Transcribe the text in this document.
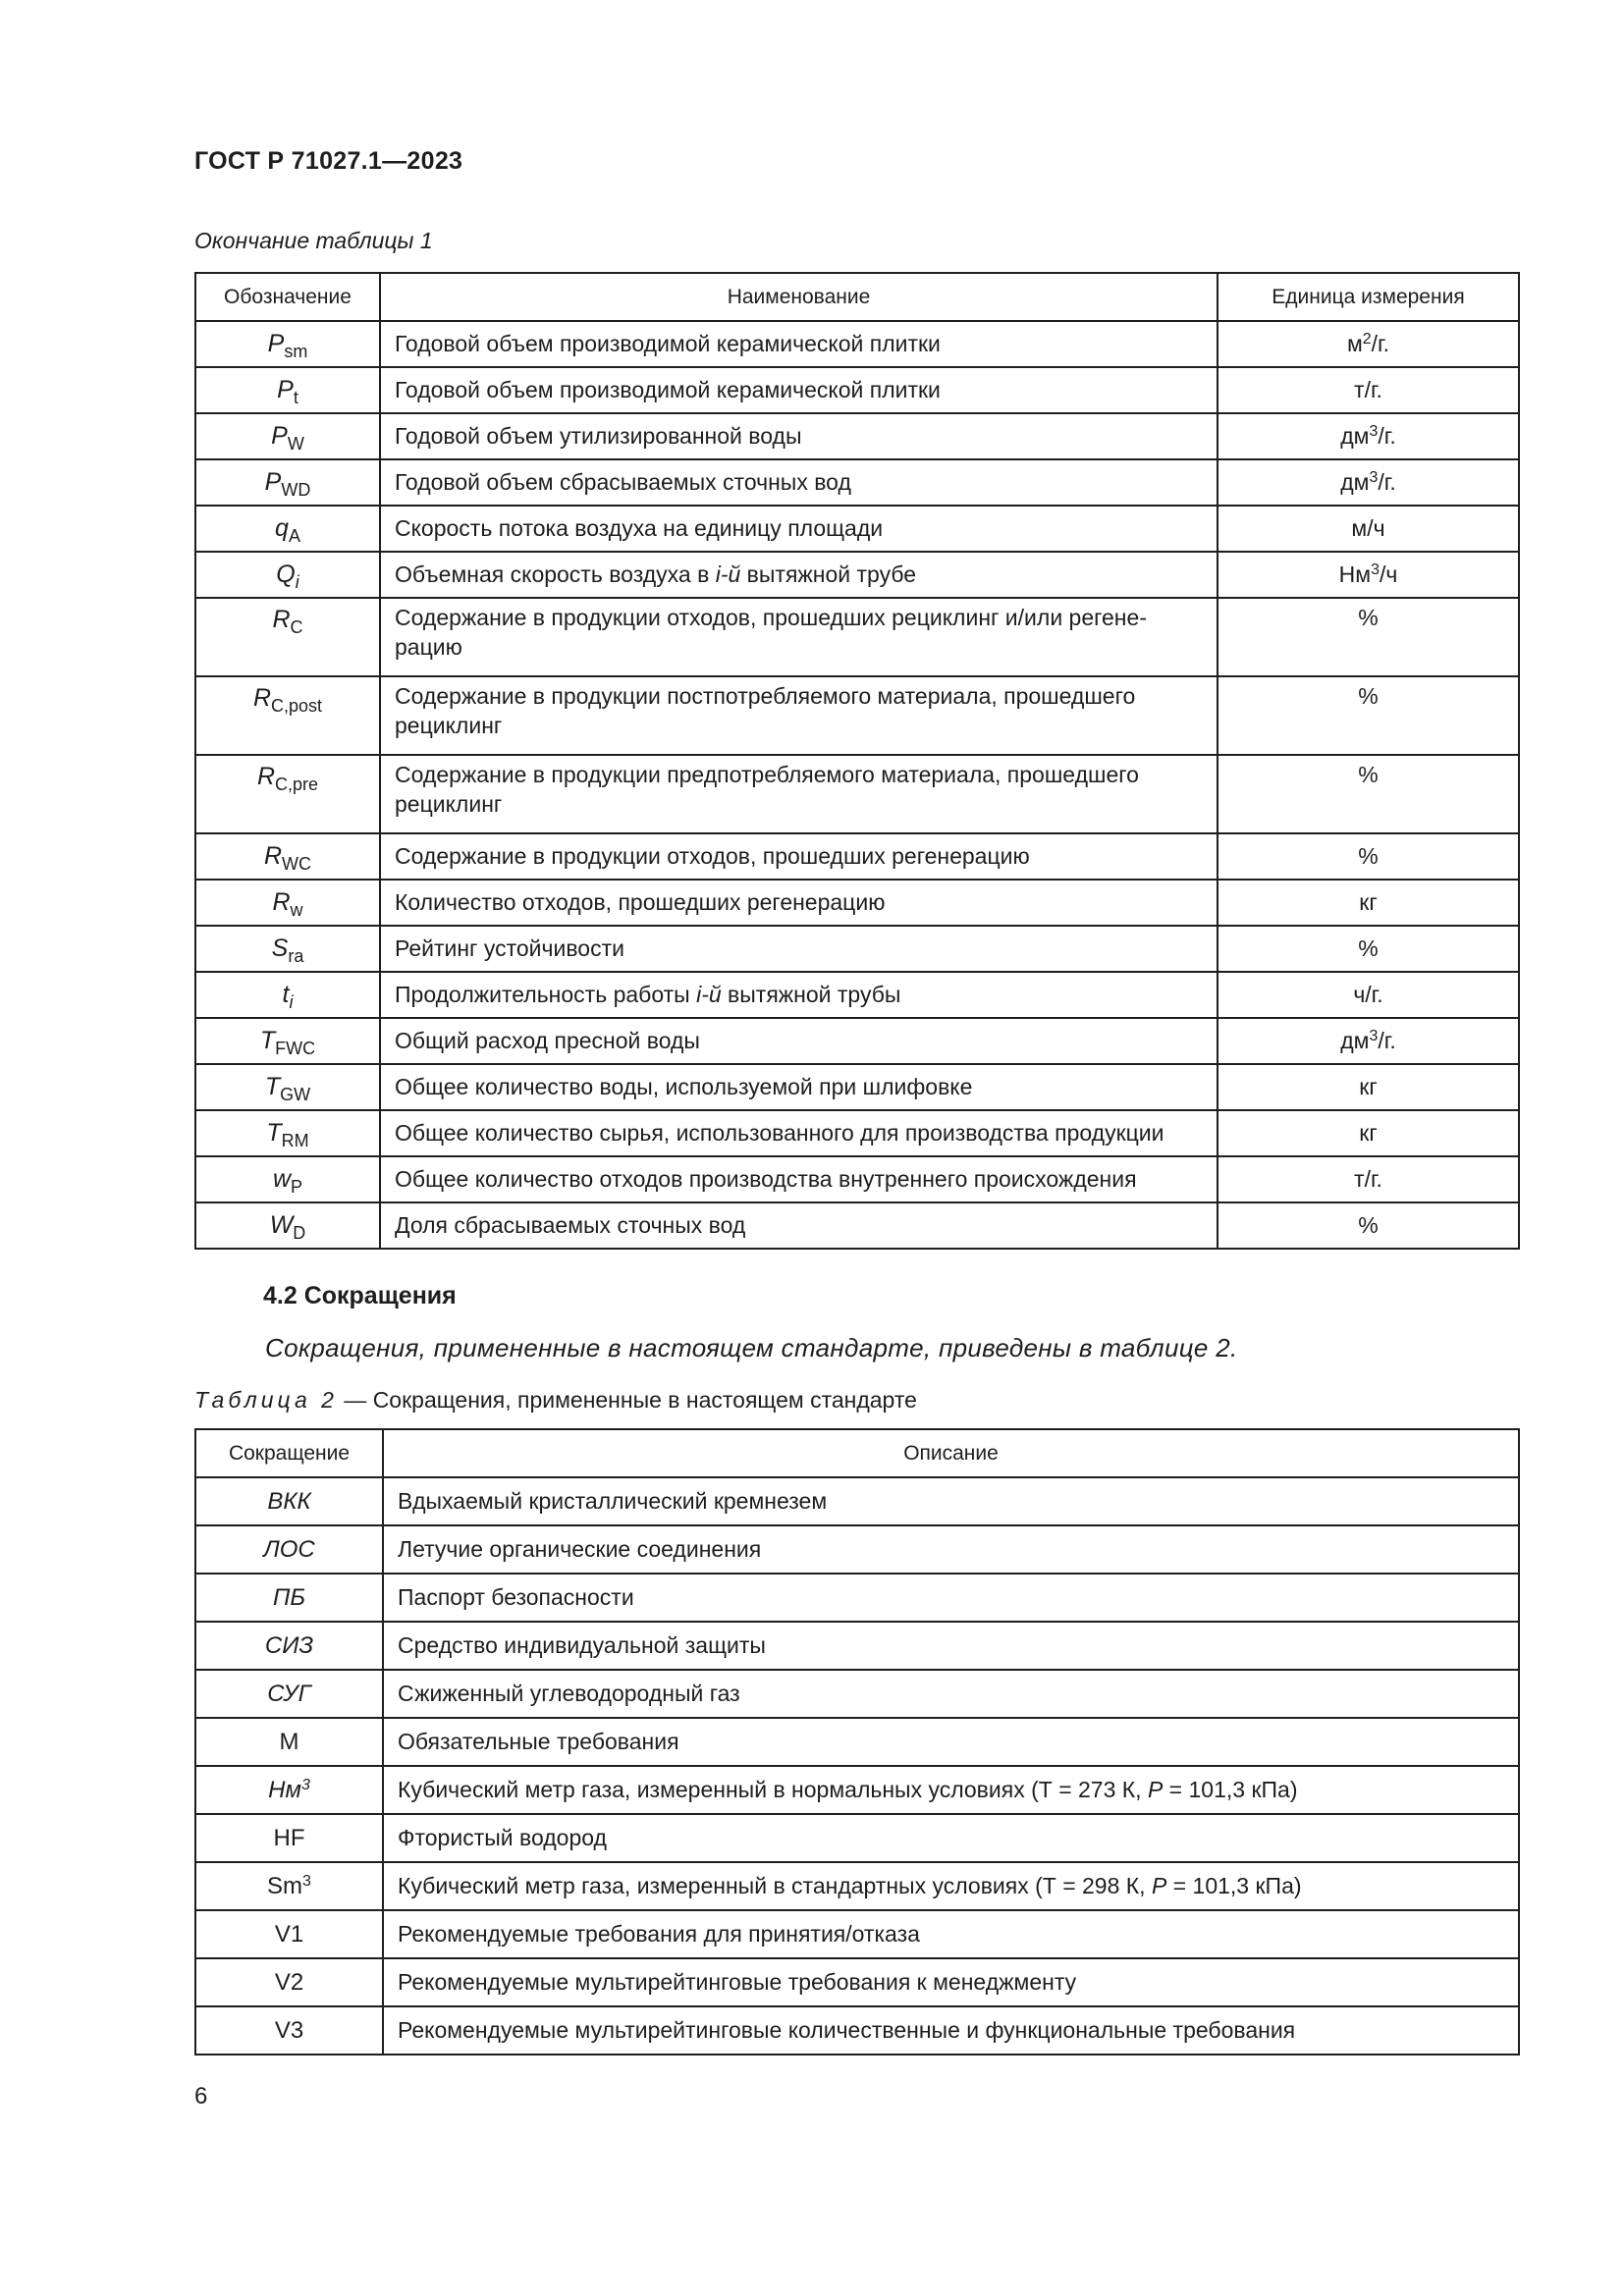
ГОСТ Р 71027.1—2023
Окончание таблицы 1
Обозначение	Наименование	Единица измерения
$P_{sm}$	Годовой объем производимой керамической плитки	$м^2/г$.
$P_t$	Годовой объем производимой керамической плитки	т/г.
$P_W$	Годовой объем утилизированной воды	$дм^3/г$.
$P_{WD}$	Годовой объем сбрасываемых сточных вод	$дм^3/г$.
$q_A$	Скорость потока воздуха на единицу площади	м/ч
$Q_i$	Объемная скорость воздуха в i-й вытяжной трубе	$Нм^3/ч$
$R_C$	Содержание в продукции отходов, прошедших рециклинг и/или регенерацию	%
$R_{C,post}$	Содержание в продукции постпотребляемого материала, прошедшего рециклинг	%
$R_{C,pre}$	Содержание в продукции предпотребляемого материала, прошедшего рециклинг	%
$R_{WC}$	Содержание в продукции отходов, прошедших регенерацию	%
$R_w$	Количество отходов, прошедших регенерацию	кг
$S_{ra}$	Рейтинг устойчивости	%
$t_i$	Продолжительность работы i-й вытяжной трубы	ч/г.
$T_{FWC}$	Общий расход пресной воды	$дм^3/г$.
$T_{GW}$	Общее количество воды, используемой при шлифовке	кг
$T_{RM}$	Общее количество сырья, использованного для производства продукции	кг
$w_P$	Общее количество отходов производства внутреннего происхождения	т/г.
$W_D$	Доля сбрасываемых сточных вод	%
4.2 Сокращения
Сокращения, примененные в настоящем стандарте, приведены в таблице 2.
Таблица 2 — Сокращения, примененные в настоящем стандарте
Сокращение	Описание
ВКК	Вдыхаемый кристаллический кремнезем
ЛОС	Летучие органические соединения
ПБ	Паспорт безопасности
СИЗ	Средство индивидуальной защиты
СУГ	Сжиженный углеводородный газ
M	Обязательные требования
$Нм^3$	Кубический метр газа, измеренный в нормальных условиях (Т = 273 К, P = 101,3 кПа)
HF	Фтористый водород
Sm$^3$	Кубический метр газа, измеренный в стандартных условиях (Т = 298 К, P = 101,3 кПа)
V1	Рекомендуемые требования для принятия/отказа
V2	Рекомендуемые мультирейтинговые требования к менеджменту
V3	Рекомендуемые мультирейтинговые количественные и функциональные требования
6
